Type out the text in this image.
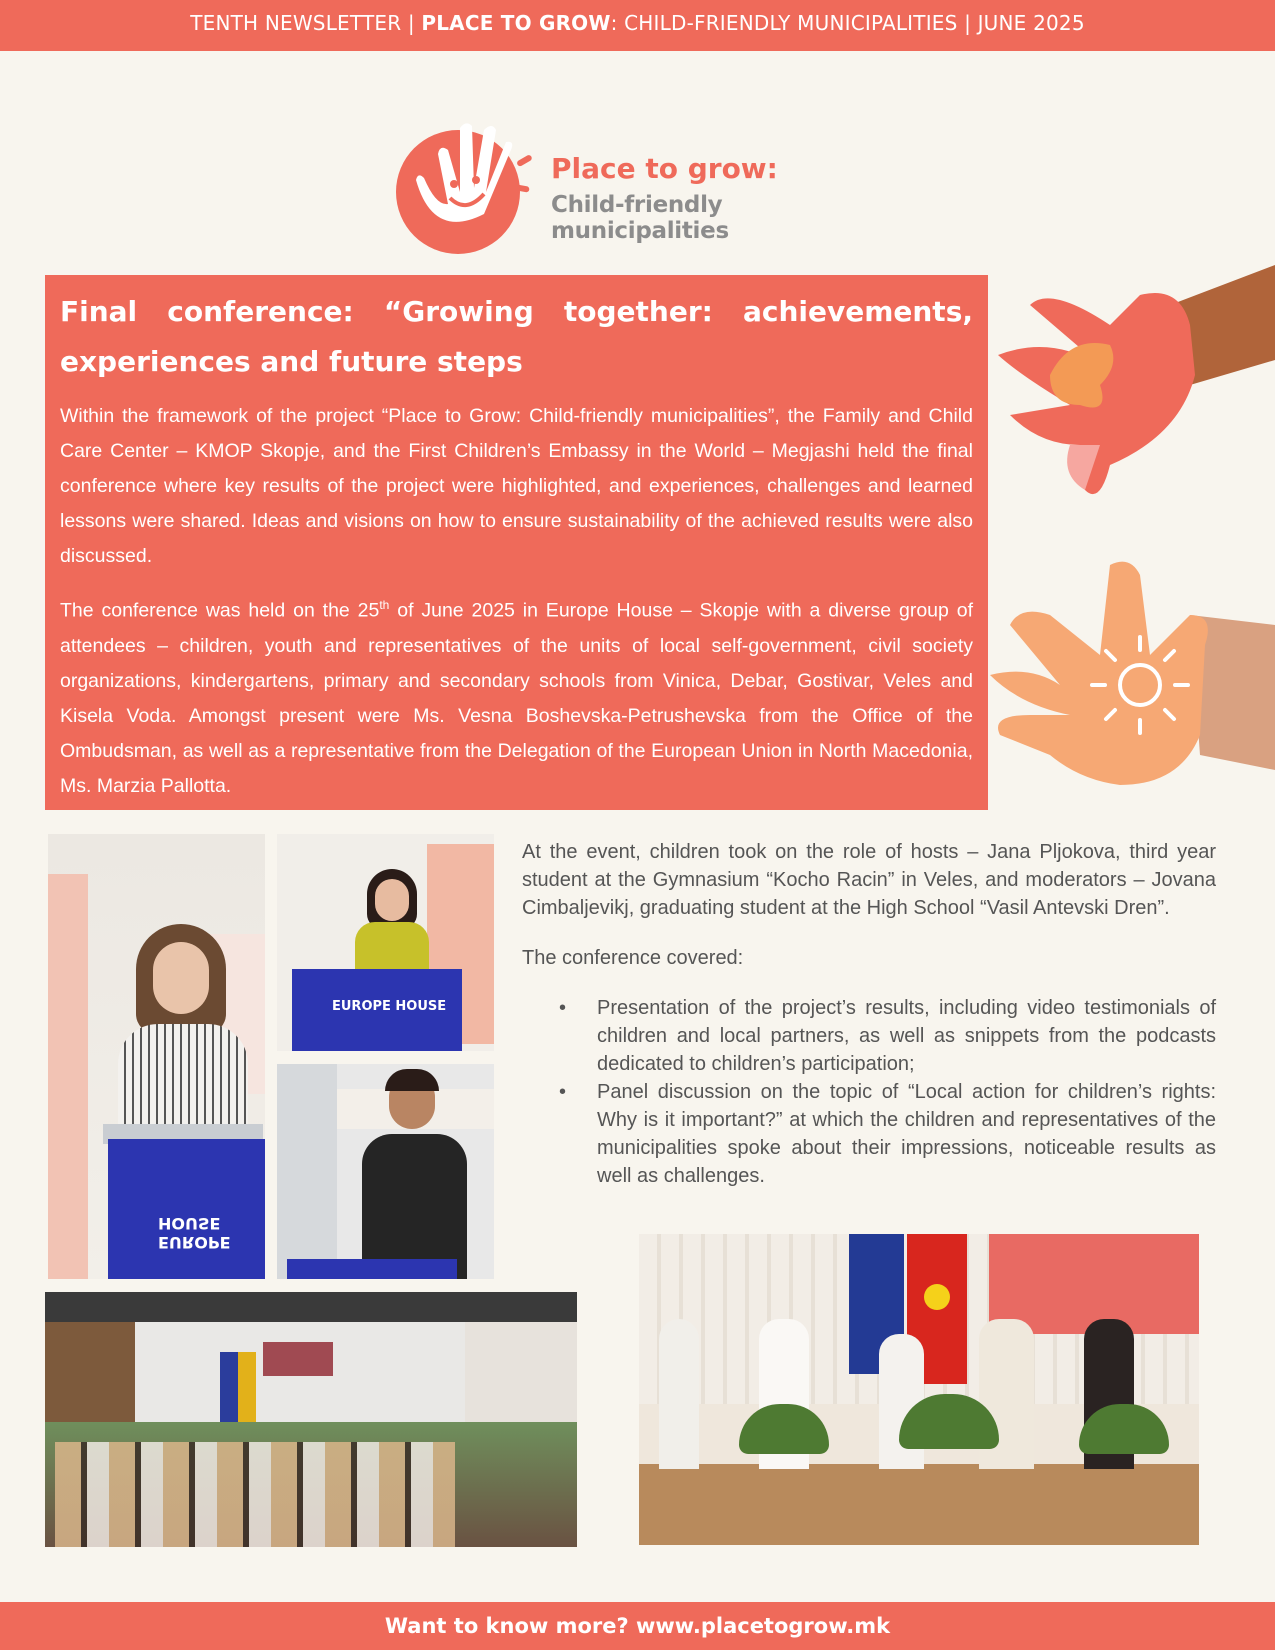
TENTH NEWSLETTER | PLACE TO GROW: CHILD-FRIENDLY MUNICIPALITIES | JUNE 2025
Place to grow:
Child-friendly municipalities
Final conference: “Growing together: achievements, experiences and future steps

Within the framework of the project “Place to Grow: Child-friendly municipalities”, the Family and Child Care Center – KMOP Skopje, and the First Children’s Embassy in the World – Megjashi held the final conference where key results of the project were highlighted, and experiences, challenges and learned lessons were shared. Ideas and visions on how to ensure sustainability of the achieved results were also discussed.

The conference was held on the 25th of June 2025 in Europe House – Skopje with a diverse group of attendees – children, youth and representatives of the units of local self-government, civil society organizations, kindergartens, primary and secondary schools from Vinica, Debar, Gostivar, Veles and Kisela Voda. Amongst present were Ms. Vesna Boshevska-Petrushevska from the Office of the Ombudsman, as well as a representative from the Delegation of the European Union in North Macedonia, Ms. Marzia Pallotta.

EUROPE HOUSE
EUROPE HOUSE

At the event, children took on the role of hosts – Jana Pljokova, third year student at the Gymnasium “Kocho Racin” in Veles, and moderators – Jovana Cimbaljevikj, graduating student at the High School “Vasil Antevski Dren”.

The conference covered:

• Presentation of the project’s results, including video testimonials of children and local partners, as well as snippets from the podcasts dedicated to children’s participation;
• Panel discussion on the topic of “Local action for children’s rights: Why is it important?” at which the children and representatives of the municipalities spoke about their impressions, noticeable results as well as challenges.
Want to know more? www.placetogrow.mk
